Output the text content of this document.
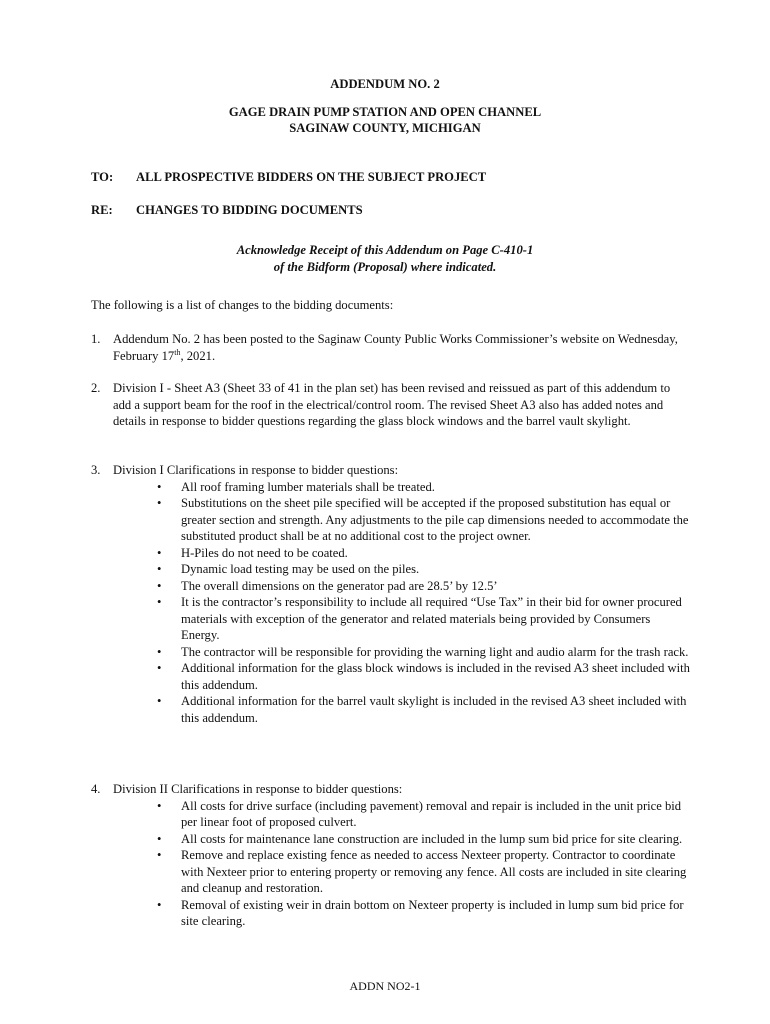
ADDENDUM NO. 2
GAGE DRAIN PUMP STATION AND OPEN CHANNEL
SAGINAW COUNTY, MICHIGAN
TO: ALL PROSPECTIVE BIDDERS ON THE SUBJECT PROJECT
RE: CHANGES TO BIDDING DOCUMENTS
Acknowledge Receipt of this Addendum on Page C-410-1
of the Bidform (Proposal) where indicated.
The following is a list of changes to the bidding documents:
1. Addendum No. 2 has been posted to the Saginaw County Public Works Commissioner’s website on Wednesday, February 17th, 2021.
2. Division I - Sheet A3 (Sheet 33 of 41 in the plan set) has been revised and reissued as part of this addendum to add a support beam for the roof in the electrical/control room. The revised Sheet A3 also has added notes and details in response to bidder questions regarding the glass block windows and the barrel vault skylight.
3. Division I Clarifications in response to bidder questions:
• All roof framing lumber materials shall be treated.
• Substitutions on the sheet pile specified will be accepted if the proposed substitution has equal or greater section and strength. Any adjustments to the pile cap dimensions needed to accommodate the substituted product shall be at no additional cost to the project owner.
• H-Piles do not need to be coated.
• Dynamic load testing may be used on the piles.
• The overall dimensions on the generator pad are 28.5’ by 12.5’
• It is the contractor’s responsibility to include all required “Use Tax” in their bid for owner procured materials with exception of the generator and related materials being provided by Consumers Energy.
• The contractor will be responsible for providing the warning light and audio alarm for the trash rack.
• Additional information for the glass block windows is included in the revised A3 sheet included with this addendum.
• Additional information for the barrel vault skylight is included in the revised A3 sheet included with this addendum.
4. Division II Clarifications in response to bidder questions:
• All costs for drive surface (including pavement) removal and repair is included in the unit price bid per linear foot of proposed culvert.
• All costs for maintenance lane construction are included in the lump sum bid price for site clearing.
• Remove and replace existing fence as needed to access Nexteer property. Contractor to coordinate with Nexteer prior to entering property or removing any fence. All costs are included in site clearing and cleanup and restoration.
• Removal of existing weir in drain bottom on Nexteer property is included in lump sum bid price for site clearing.
ADDN NO2-1
